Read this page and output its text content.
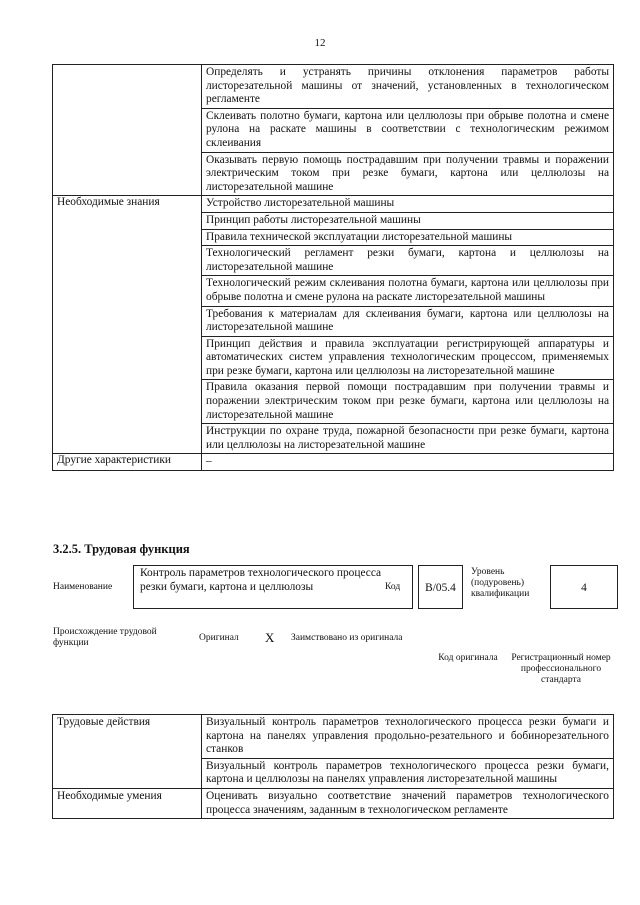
12
	Определять и устранять причины отклонения параметров работы листорезательной машины от значений, установленных в технологическом регламенте
	Склеивать полотно бумаги, картона или целлюлозы при обрыве полотна и смене рулона на раскате машины в соответствии с технологическим режимом склеивания
	Оказывать первую помощь пострадавшим при получении травмы и поражении электрическим током при резке бумаги, картона или целлюлозы на листорезательной машине
Необходимые знания	Устройство листорезательной машины
	Принцип работы листорезательной машины
	Правила технической эксплуатации листорезательной машины
	Технологический регламент резки бумаги, картона и целлюлозы на листорезательной машине
	Технологический режим склеивания полотна бумаги, картона или целлюлозы при обрыве полотна и смене рулона на раскате листорезательной машины
	Требования к материалам для склеивания бумаги, картона или целлюлозы на листорезательной машине
	Принцип действия и правила эксплуатации регистрирующей аппаратуры и автоматических систем управления технологическим процессом, применяемых при резке бумаги, картона или целлюлозы на листорезательной машине
	Правила оказания первой помощи пострадавшим при получении травмы и поражении электрическим током при резке бумаги, картона или целлюлозы на листорезательной машине
	Инструкции по охране труда, пожарной безопасности при резке бумаги, картона или целлюлозы на листорезательной машине
Другие характеристики	–
3.2.5. Трудовая функция
Наименование
Контроль параметров технологического процесса резки бумаги, картона и целлюлозы	Код	B/05.4
Уровень (подуровень) квалификации	4
Происхождение трудовой функции	Оригинал X Заимствовано из оригинала
Код оригинала Регистрационный номер профессионального стандарта
Трудовые действия	Визуальный контроль параметров технологического процесса резки бумаги и картона на панелях управления продольно-резательного и бобинорезательного станков
	Визуальный контроль параметров технологического процесса резки бумаги, картона и целлюлозы на панелях управления листорезательной машины
Необходимые умения	Оценивать визуально соответствие значений параметров технологического процесса значениям, заданным в технологическом регламенте
